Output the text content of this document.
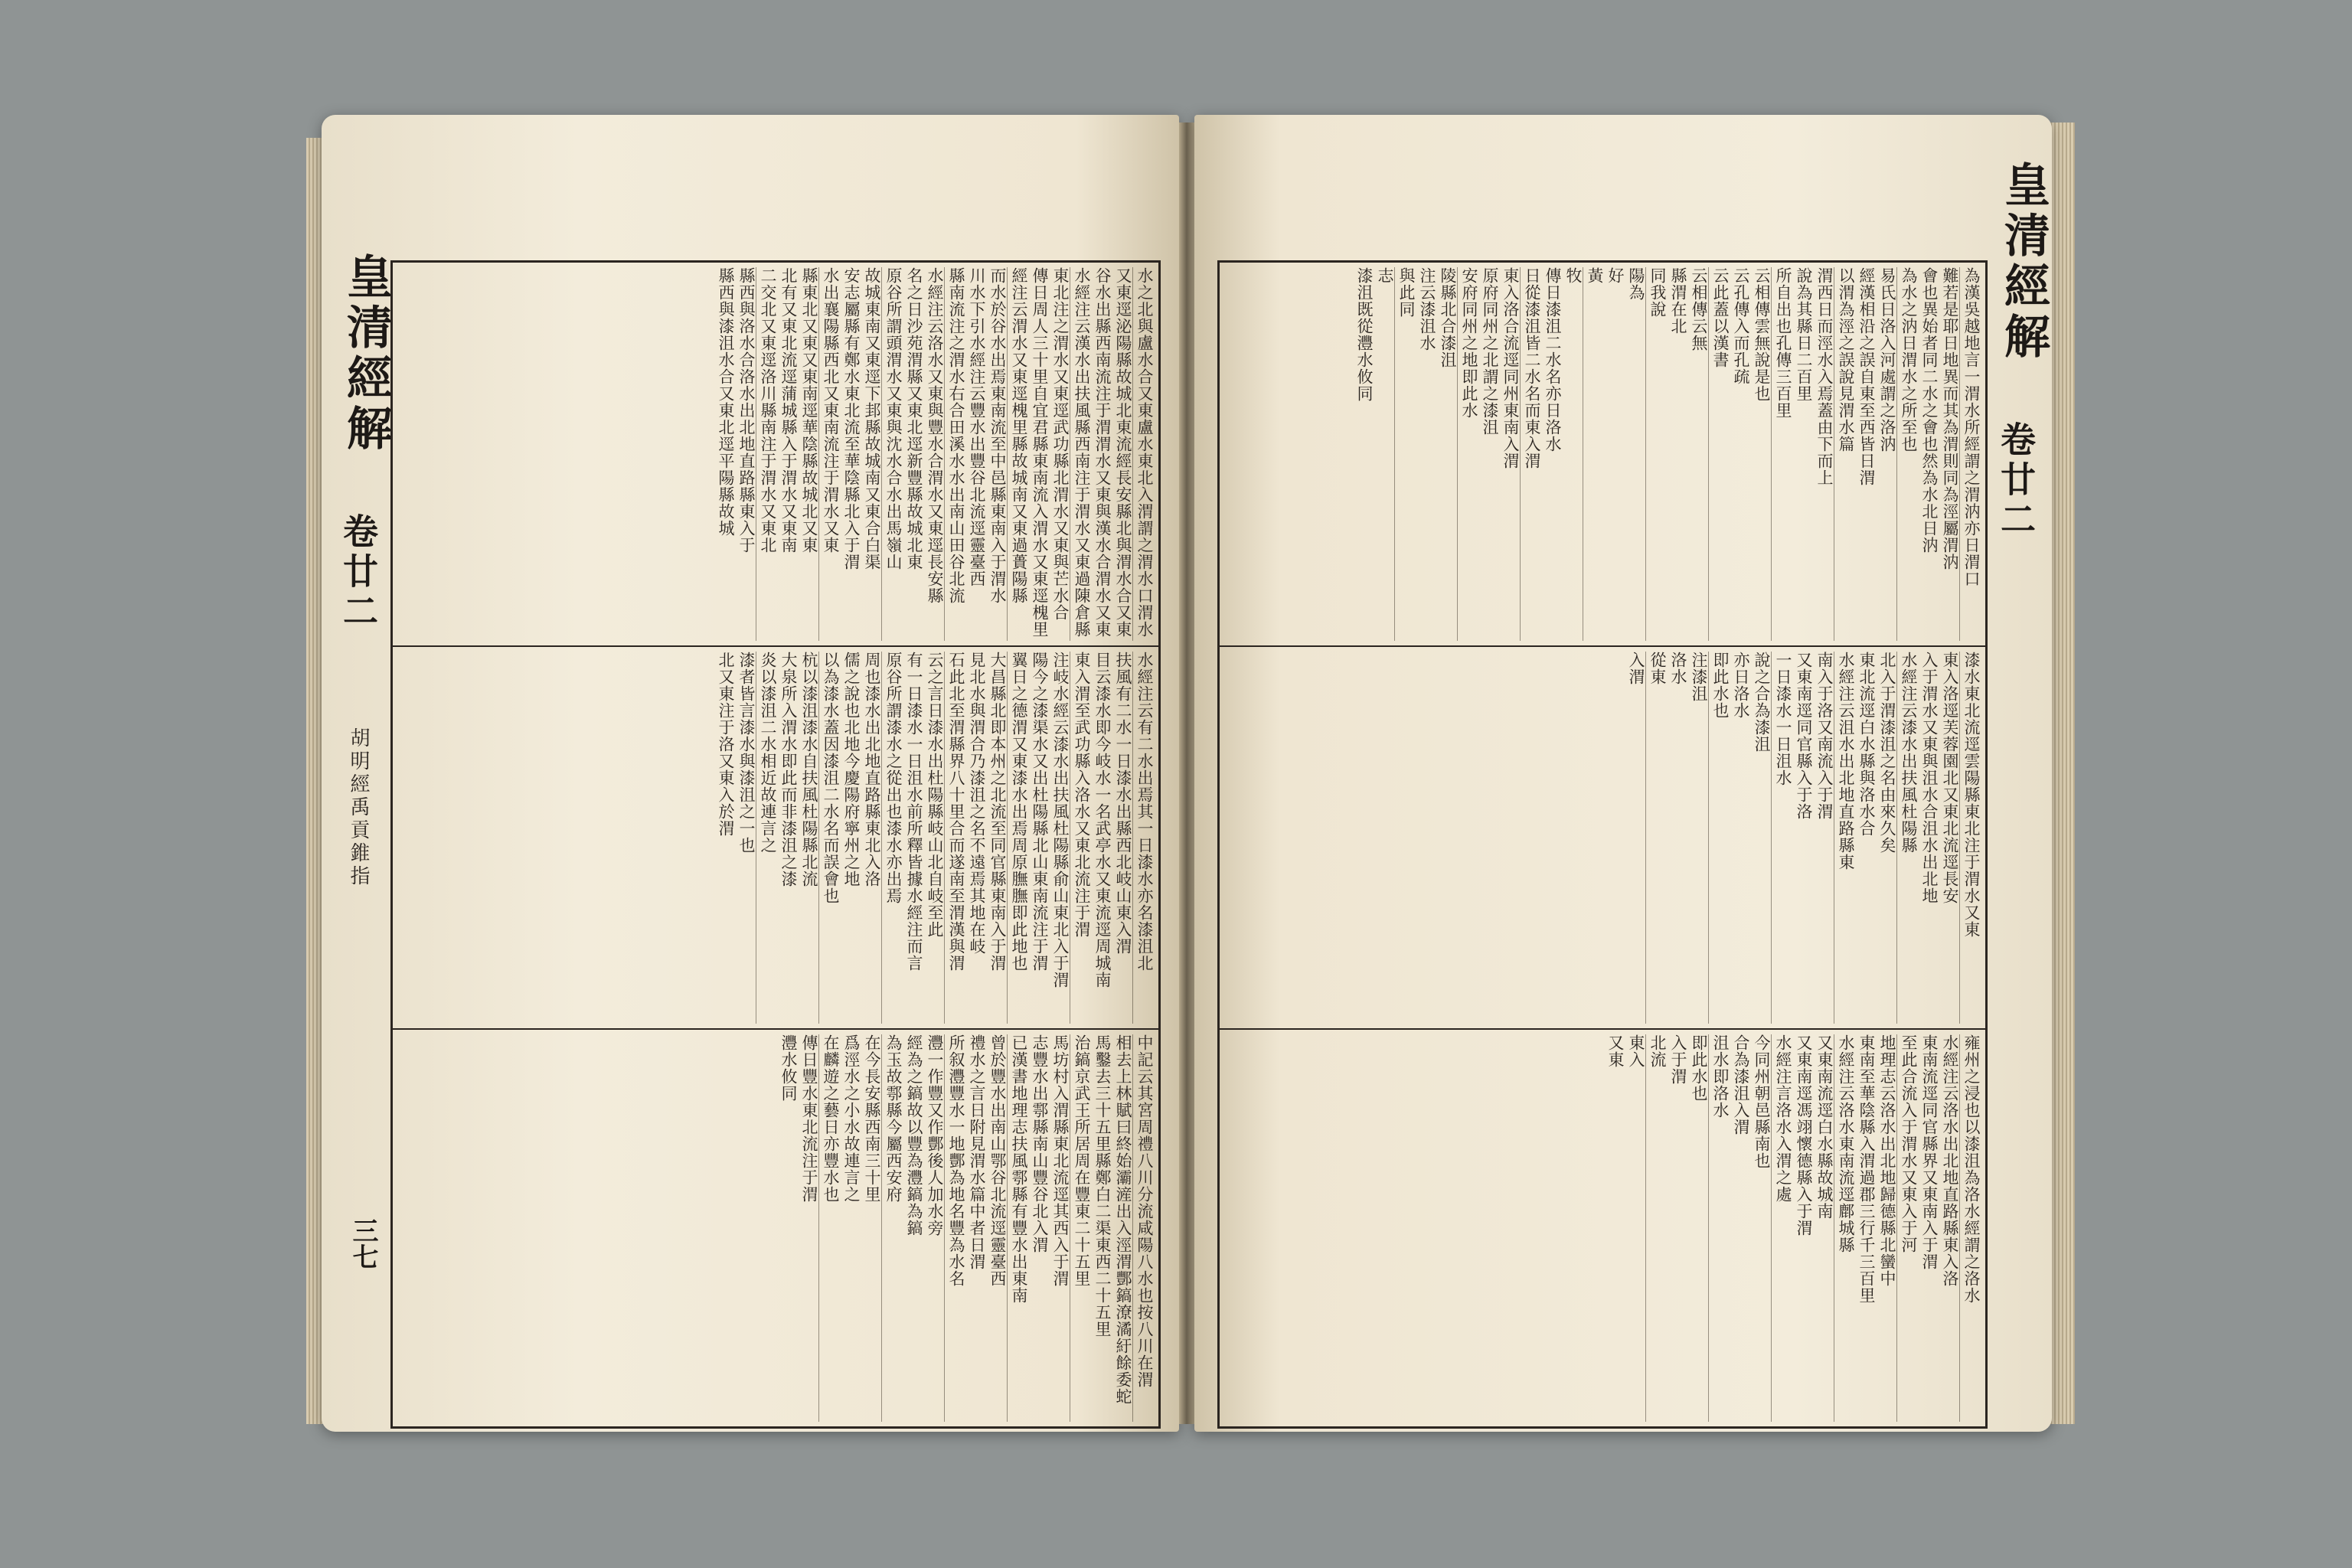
皇清經解
卷廿二
胡明經禹貢錐指
三七
水之北與盧水合又東盧水東北入渭謂之渭水口渭水
又東逕泌陽縣故城北東流經長安縣北與渭水合又東
谷水出縣西南流注于渭渭水又東與漢水合渭水又東
水經注云漢水出扶風縣西南注于渭水又東過陳倉縣
東北注之渭水又東逕武功縣北渭水又東與芒水合
傳日周人三十里自宜君縣東南流入渭水又東逕槐里
經注云渭水又東逕槐里縣故城南又東過蕢陽縣
而水於谷水出焉東南流至中邑縣東南入于渭水
川水下引水經注云豐水出豐谷北流逕靈臺西
縣南流注之渭水右合田溪水水出南山田谷北流
水經注云洛水又東與豐水合渭水又東逕長安縣
名之日沙苑渭縣又東北逕新豐縣故城北東
原谷所謂頭渭水又東與沈水合水出馬嶺山
故城東南又東逕下邽縣故城南又東合白渠
安志屬縣有鄭水東北流至華陰縣北入于渭
水出襄陽縣西北又東南流注于渭水又東
縣東北又東又東南逕華陰縣故城北又東
北有又東北流逕蒲城縣入于渭水又東南
二交北又東逕洛川縣南注于渭水又東北
縣西與洛水合洛水出北地直路縣東入于
縣西與漆沮水合又東北逕平陽縣故城
水經注云有二水出焉其一日漆水亦名漆沮北
扶風有二水一日漆水出縣西北岐山東入渭
目云漆水即今岐水一名武亭水又東流逕周城南
東入渭至武功縣入洛水又東北流注于渭
注岐水經云漆水出扶風杜陽縣俞山東北入于渭
陽今之漆渠水又出杜陽縣北山東南流注于渭
翼日之德渭又東漆水出焉周原膴膴即此地也
大昌縣北即本州之北流至同官縣東南入于渭
見北水與渭合乃漆沮之名不遠焉其地在岐
石此北至渭縣界八十里合而遂南至渭漢與渭
云之言日漆水出杜陽縣岐山北自岐至此
有一日漆水一日沮水前所釋皆據水經注而言
原谷所謂漆水之從出也漆水亦出焉
周也漆水出北地直路縣東北入洛
儒之說也北地今慶陽府寧州之地
以為漆水蓋因漆沮二水名而誤會也
杭以漆沮漆水自扶風杜陽縣北流
大泉所入渭水即此而非漆沮之漆
炎以漆沮二水相近故連言之
漆者皆言漆水與漆沮之一也
北又東注于洛又東入於渭
中記云其宮周禮八川分流咸陽八水也按八川在渭
相去上林賦曰終始灞滻出入涇渭酆鎬潦潏紆餘委蛇
馬鑿去三十五里縣鄭白二渠東西二十五里
治鎬京武王所居周在豐東二十五里
馬坊村入渭縣東北流逕其西入于渭
志豐水出鄠縣南山豐谷北入渭
已漢書地理志扶風鄠縣有豐水出東南
曾於豐水出南山鄂谷北流逕靈臺西
禮水之言日附見渭水篇中者日渭
所叙灃豐水一地酆為地名豐為水名
灃一作豐又作酆後人加水旁
經為之鎬故以豐為灃鎬為鎬
為玉故鄠縣今屬西安府
在今長安縣西南三十里
爲涇水之小水故連言之
在麟遊之藝日亦豐水也
傳日豐水東北流注于渭
灃水攸同
皇清經解
卷廿二
為漢吳越地言一渭水所經謂之渭汭亦日渭口
難若是耶日地異而其為渭則同為涇屬渭汭
會也異始者同二水之會也然為水北日汭
為水之汭日渭水之所至也
易氏日洛入河處謂之洛汭
經漢相沿之誤自東至西皆日渭
以渭為涇之誤說見渭水篇
渭西日而涇水入焉蓋由下而上
說為其縣日二百里
所自出也孔傳三百里
云相傳雲無說是也
云孔傳入而孔疏
云此蓋以漢書
云相傳云無
縣渭在北
同我說
陽為
好
黃
牧
傳日漆沮二水名亦日洛水
日從漆沮皆二水名而東入渭
東入洛合流逕同州東南入渭
原府同州之北謂之漆沮
安府同州之地即此水
陵縣北合漆沮
注云漆沮水
與此同
志
漆沮既從灃水攸同
漆水東北流逕雲陽縣東北注于渭水又東
東入洛逕芙蓉園北又東北流逕長安
入于渭水又東與沮水合沮水出北地
水經注云漆水出扶風杜陽縣
北入于渭漆沮之名由來久矣
東北流逕白水縣與洛水合
水經注云沮水出北地直路縣東
南入于洛又南流入于渭
又東南逕同官縣入于洛
一日漆水一日沮水
說之合為漆沮
亦日洛水
即此水也
注漆沮
洛水
從東
入渭
雍州之浸也以漆沮為洛水經謂之洛水
水經注云洛水出北地直路縣東入洛
東南流逕同官縣界又東南入于渭
至此合流入于渭水又東入于河
地理志云洛水出北地歸德縣北蠻中
東南至華陰縣入渭過郡三行千三百里
水經注云洛水東南流逕鄜城縣
又東南流逕白水縣故城南
又東南逕馮翊懷德縣入于渭
水經注言洛水入渭之處
今同州朝邑縣南也
合為漆沮入渭
沮水即洛水
即此水也
入于渭
北流
東入
又東
